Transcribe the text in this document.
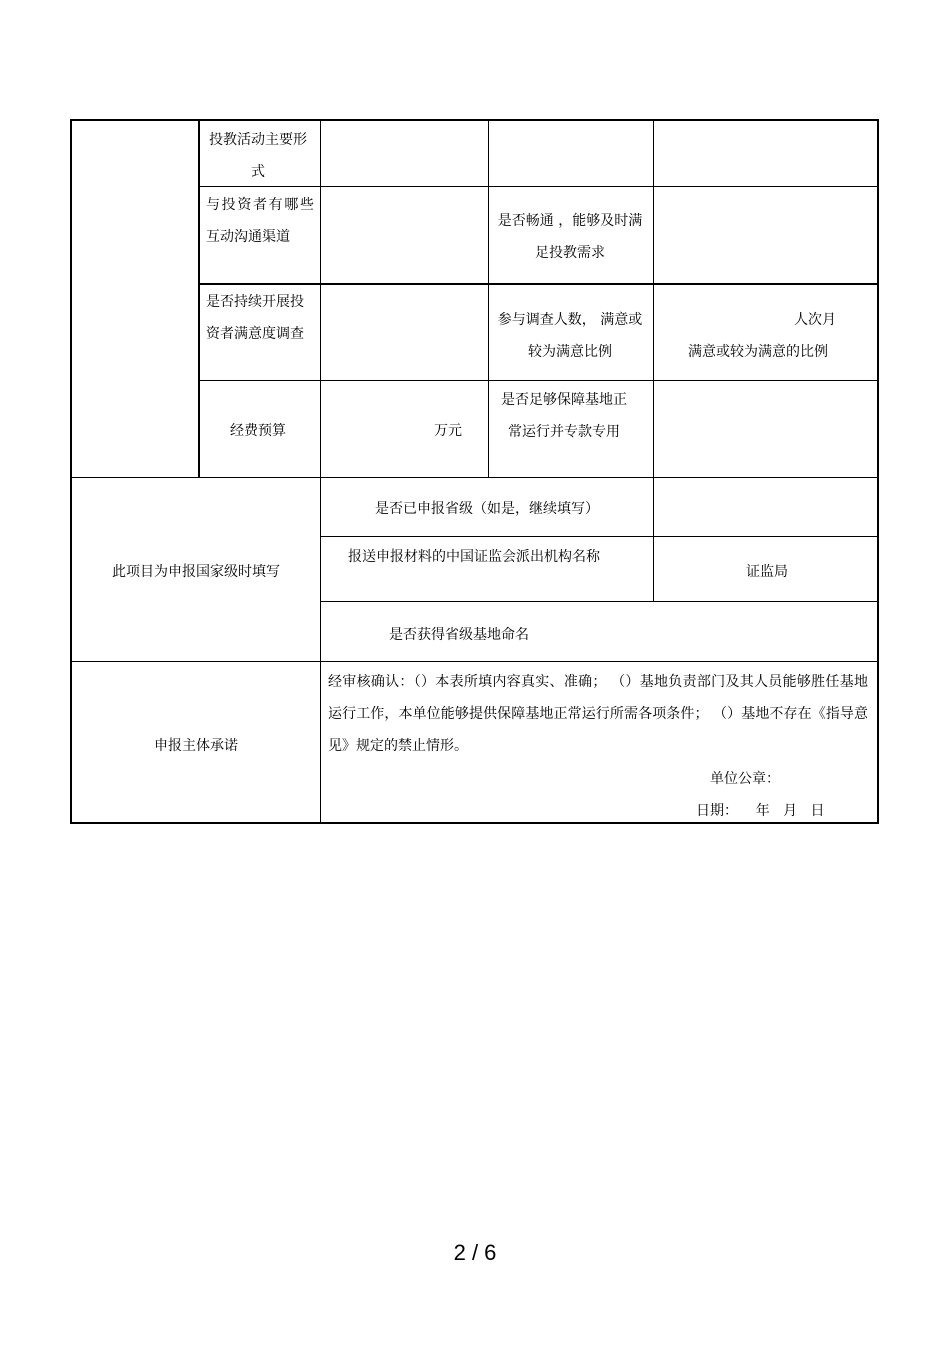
投教活动主要形式
与投资者有哪些互动沟通渠道
是否畅通 ，能够及时满足投教需求
是否持续开展投资者满意度调查
参与调查人数， 满意或较为满意比例
人次月
满意或较为满意的比例
经费预算	万元
是否足够保障基地正常运行并专款专用
此项目为申报国家级时填写
是否已申报省级（如是，继续填写）
报送申报材料的中国证监会派出机构名称
证监局
是否获得省级基地命名
申报主体承诺
经审核确认：（）本表所填内容真实、准确； （）基地负责部门及其人员能够胜任基地运行工作，本单位能够提供保障基地正常运行所需各项条件； （）基地不存在《指导意见》规定的禁止情形。
单位公章：
日期：    年   月   日
2 / 6
